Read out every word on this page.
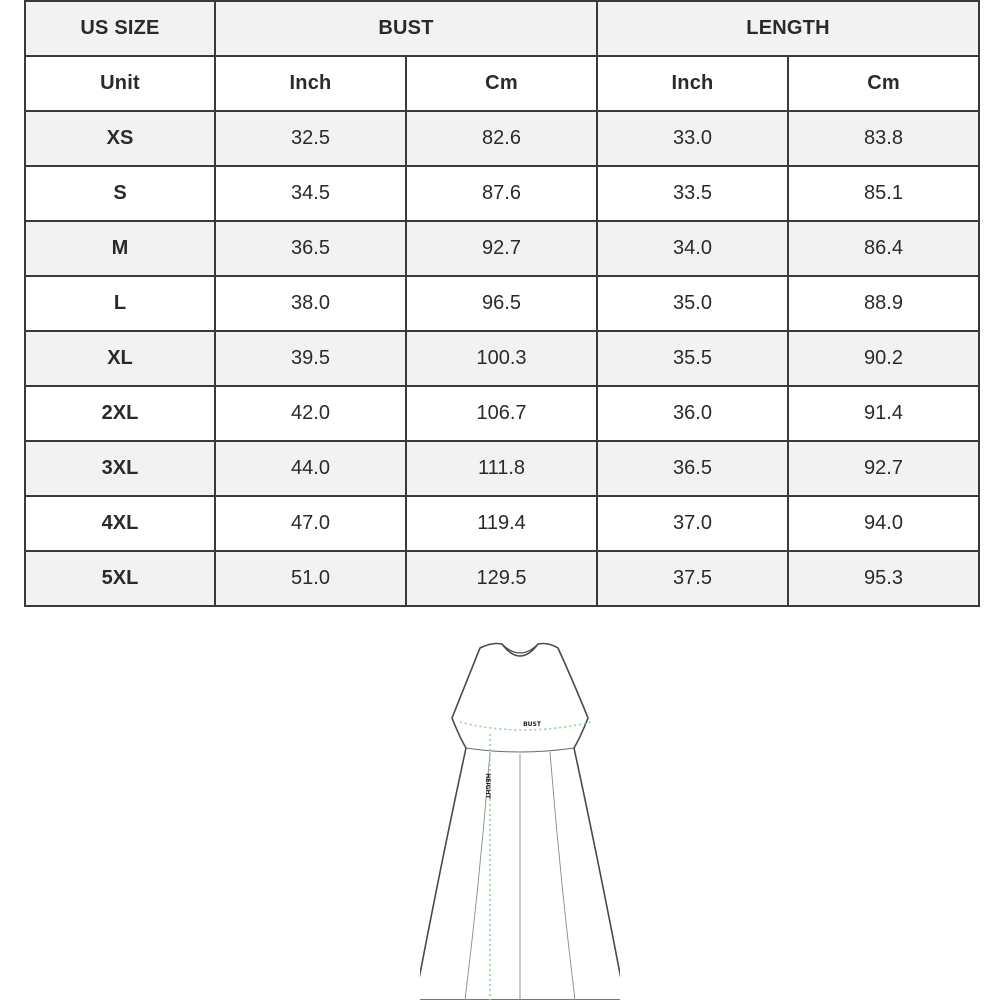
US SIZE	BUST		LENGTH	
Unit	Inch	Cm	Inch	Cm
XS	32.5	82.6	33.0	83.8
S	34.5	87.6	33.5	85.1
M	36.5	92.7	34.0	86.4
L	38.0	96.5	35.0	88.9
XL	39.5	100.3	35.5	90.2
2XL	42.0	106.7	36.0	91.4
3XL	44.0	111.8	36.5	92.7
4XL	47.0	119.4	37.0	94.0
5XL	51.0	129.5	37.5	95.3
BUST
HEIGHT
